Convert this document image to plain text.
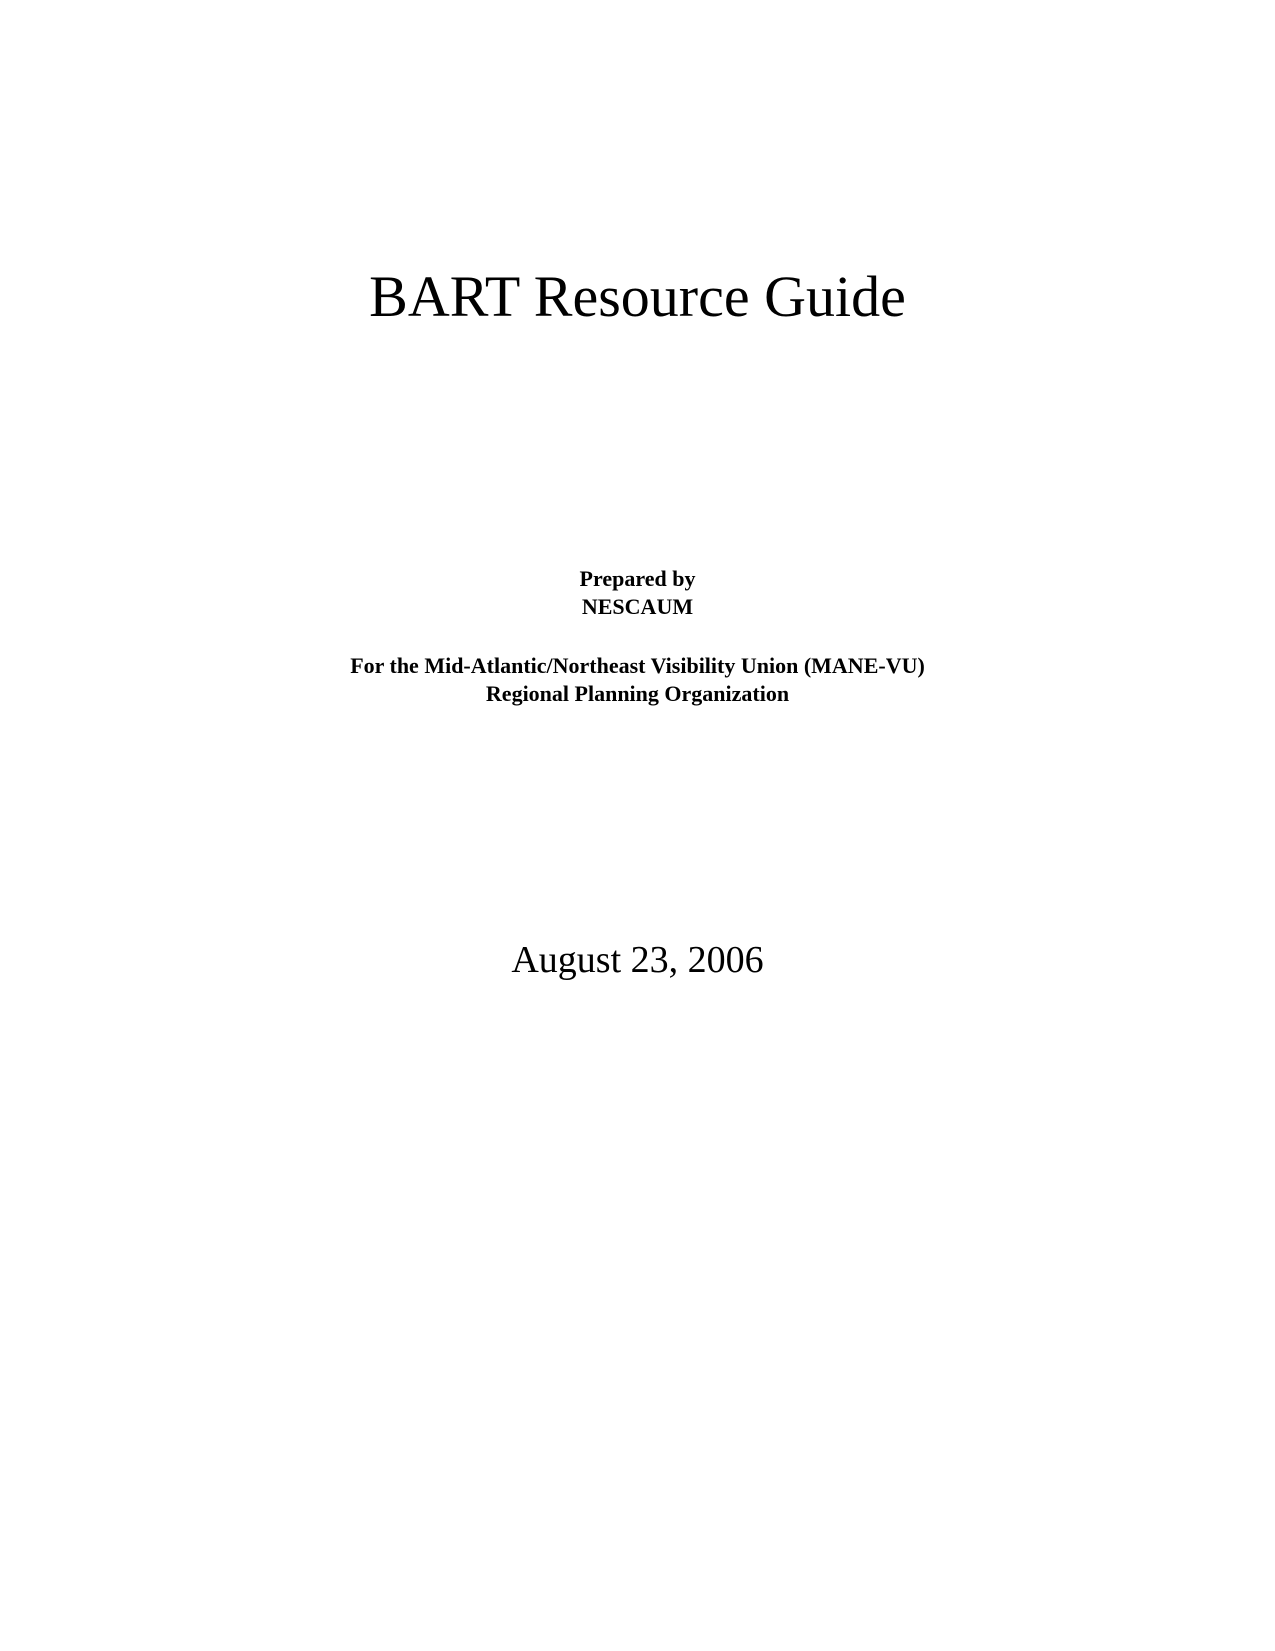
BART Resource Guide
Prepared by
NESCAUM
For the Mid-Atlantic/Northeast Visibility Union (MANE-VU)
Regional Planning Organization
August 23, 2006
